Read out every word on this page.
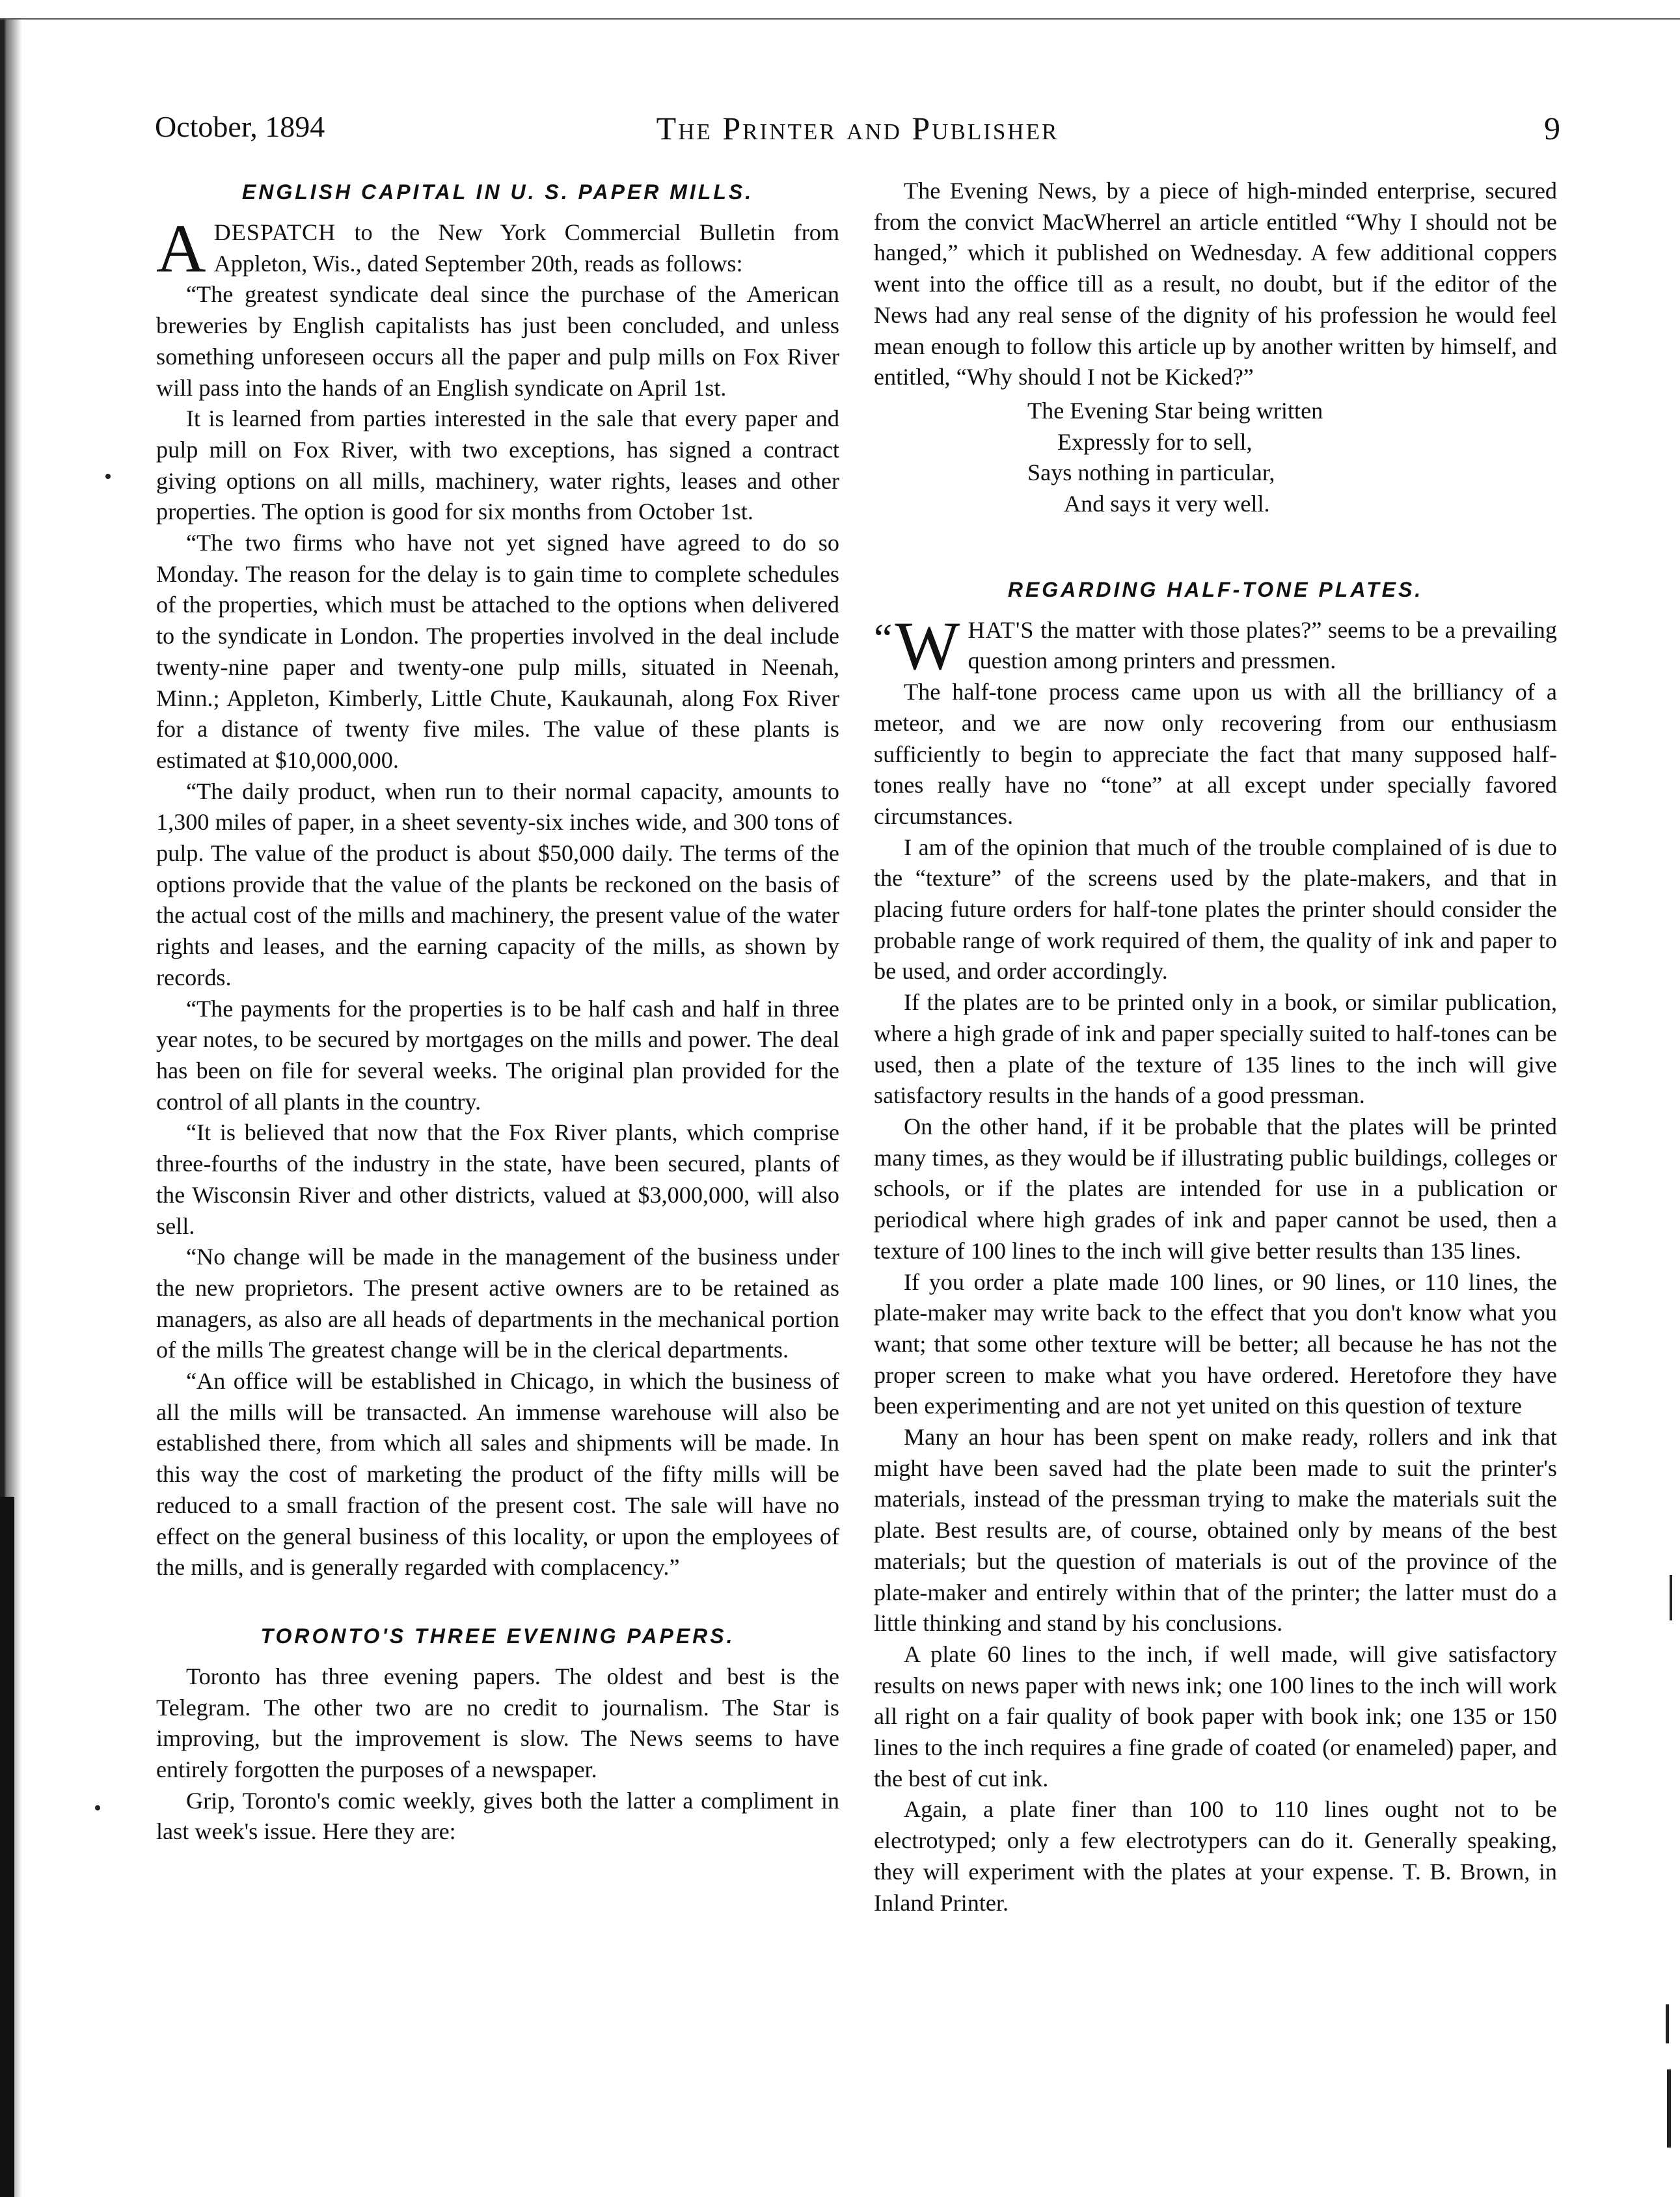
October, 1894	The Printer and Publisher	9
ENGLISH CAPITAL IN U. S. PAPER MILLS.

ADESPATCH to the New York Commercial Bulletin from Appleton, Wis., dated September 20th, reads as follows:

“The greatest syndicate deal since the purchase of the American breweries by English capitalists has just been concluded, and unless something unforeseen occurs all the paper and pulp mills on Fox River will pass into the hands of an English syndicate on April 1st.

It is learned from parties interested in the sale that every paper and pulp mill on Fox River, with two exceptions, has signed a contract giving options on all mills, machinery, water rights, leases and other properties. The option is good for six months from October 1st.

“The two firms who have not yet signed have agreed to do so Monday. The reason for the delay is to gain time to complete schedules of the properties, which must be attached to the options when delivered to the syndicate in London. The properties involved in the deal include twenty-nine paper and twenty-one pulp mills, situated in Neenah, Minn.; Appleton, Kimberly, Little Chute, Kaukaunah, along Fox River for a distance of twenty five miles. The value of these plants is estimated at $10,000,000.

“The daily product, when run to their normal capacity, amounts to 1,300 miles of paper, in a sheet seventy-six inches wide, and 300 tons of pulp. The value of the product is about $50,000 daily. The terms of the options provide that the value of the plants be reckoned on the basis of the actual cost of the mills and machinery, the present value of the water rights and leases, and the earning capacity of the mills, as shown by records.

“The payments for the properties is to be half cash and half in three year notes, to be secured by mortgages on the mills and power. The deal has been on file for several weeks. The original plan provided for the control of all plants in the country.

“It is believed that now that the Fox River plants, which comprise three-fourths of the industry in the state, have been secured, plants of the Wisconsin River and other districts, valued at $3,000,000, will also sell.

“No change will be made in the management of the business under the new proprietors. The present active owners are to be retained as managers, as also are all heads of departments in the mechanical portion of the mills The greatest change will be in the clerical departments.

“An office will be established in Chicago, in which the business of all the mills will be transacted. An immense warehouse will also be established there, from which all sales and shipments will be made. In this way the cost of marketing the product of the fifty mills will be reduced to a small fraction of the present cost. The sale will have no effect on the general business of this locality, or upon the employees of the mills, and is generally regarded with complacency.”

TORONTO'S THREE EVENING PAPERS.

Toronto has three evening papers. The oldest and best is the Telegram. The other two are no credit to journalism. The Star is improving, but the improvement is slow. The News seems to have entirely forgotten the purposes of a newspaper.

Grip, Toronto's comic weekly, gives both the latter a compliment in last week's issue. Here they are:

The Evening News, by a piece of high-minded enterprise, secured from the convict MacWherrel an article entitled “Why I should not be hanged,” which it published on Wednesday. A few additional coppers went into the office till as a result, no doubt, but if the editor of the News had any real sense of the dignity of his profession he would feel mean enough to follow this article up by another written by himself, and entitled, “Why should I not be Kicked?”

The Evening Star being written
Expressly for to sell,
Says nothing in particular,
And says it very well.
REGARDING HALF-TONE PLATES.

“ W HAT'S the matter with those plates?” seems to be a prevailing question among printers and pressmen.

The half-tone process came upon us with all the brilliancy of a meteor, and we are now only recovering from our enthusiasm sufficiently to begin to appreciate the fact that many supposed half-tones really have no “tone” at all except under specially favored circumstances.

I am of the opinion that much of the trouble complained of is due to the “texture” of the screens used by the plate-makers, and that in placing future orders for half-tone plates the printer should consider the probable range of work required of them, the quality of ink and paper to be used, and order accordingly.

If the plates are to be printed only in a book, or similar publication, where a high grade of ink and paper specially suited to half-tones can be used, then a plate of the texture of 135 lines to the inch will give satisfactory results in the hands of a good pressman.

On the other hand, if it be probable that the plates will be printed many times, as they would be if illustrating public buildings, colleges or schools, or if the plates are intended for use in a publication or periodical where high grades of ink and paper cannot be used, then a texture of 100 lines to the inch will give better results than 135 lines.

If you order a plate made 100 lines, or 90 lines, or 110 lines, the plate-maker may write back to the effect that you don't know what you want; that some other texture will be better; all because he has not the proper screen to make what you have ordered. Heretofore they have been experimenting and are not yet united on this question of texture

Many an hour has been spent on make ready, rollers and ink that might have been saved had the plate been made to suit the printer's materials, instead of the pressman trying to make the materials suit the plate. Best results are, of course, obtained only by means of the best materials; but the question of materials is out of the province of the plate-maker and entirely within that of the printer; the latter must do a little thinking and stand by his conclusions.

A plate 60 lines to the inch, if well made, will give satisfactory results on news paper with news ink; one 100 lines to the inch will work all right on a fair quality of book paper with book ink; one 135 or 150 lines to the inch requires a fine grade of coated (or enameled) paper, and the best of cut ink.

Again, a plate finer than 100 to 110 lines ought not to be electrotyped; only a few electrotypers can do it. Generally speaking, they will experiment with the plates at your expense. T. B. Brown, in Inland Printer.
